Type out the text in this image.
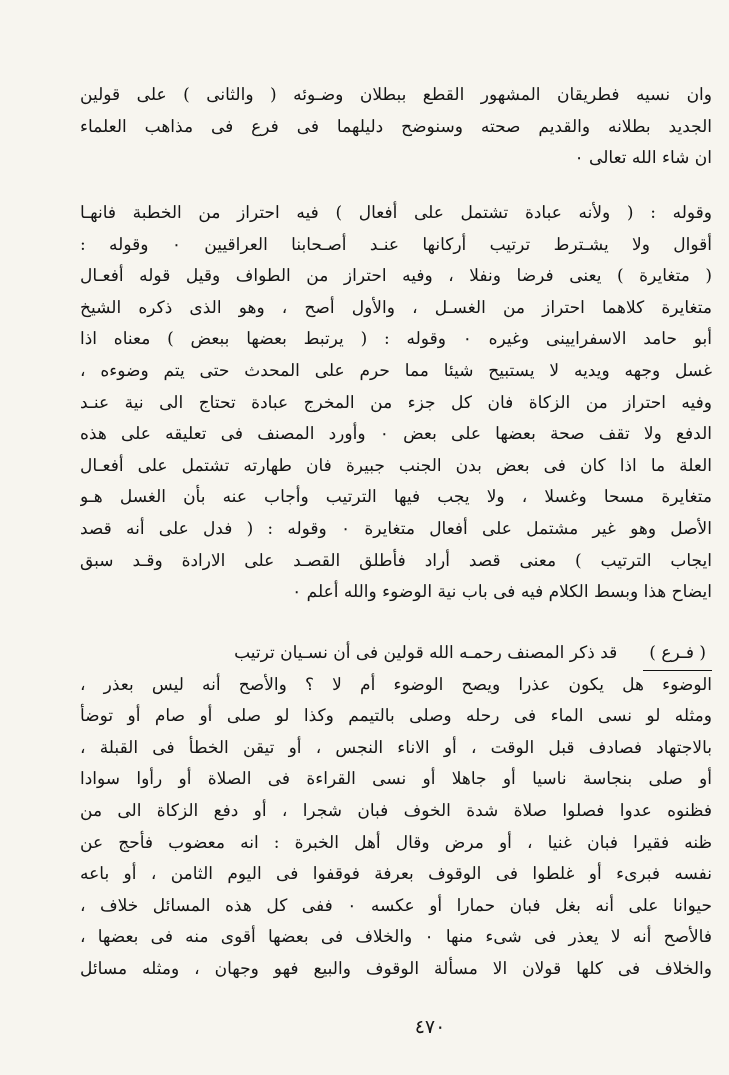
وان نسيه فطريقان المشهور القطع ببطلان وضـوئه ( والثانى ) على قولين
الجديد بطلانه والقديم صحته وسنوضح دليلهما فى فرع فى مذاهب العلماء
ان شاء الله تعالى ٠
وقوله : ( ولأنه عبادة تشتمل على أفعال ) فيه احتراز من الخطبة فانهـا
أقوال ولا يشـترط ترتيب أركانها عنـد أصـحابنا العراقيين ٠ وقوله :
( متغايرة ) يعنى فرضا ونفلا ، وفيه احتراز من الطواف وقيل قوله أفعـال
متغايرة كلاهما احتراز من الغسـل ، والأول أصح ، وهو الذى ذكره الشيخ
أبو حامد الاسفرايينى وغيره ٠ وقوله : ( يرتبط بعضها ببعض ) معناه اذا
غسل وجهه ويديه لا يستبيح شيئا مما حرم على المحدث حتى يتم وضوءه ،
وفيه احتراز من الزكاة فان كل جزء من المخرج عبادة تحتاج الى نية عنـد
الدفع ولا تقف صحة بعضها على بعض ٠ وأورد المصنف فى تعليقه على هذه
العلة ما اذا كان فى بعض بدن الجنب جبيرة فان طهارته تشتمل على أفعـال
متغايرة مسحا وغسلا ، ولا يجب فيها الترتيب وأجاب عنه بأن الغسل هـو
الأصل وهو غير مشتمل على أفعال متغايرة ٠ وقوله : ( فدل على أنه قصد
ايجاب الترتيب ) معنى قصد أراد فأطلق القصـد على الارادة وقـد سبق
ايضاح هذا وبسط الكلام فيه فى باب نية الوضوء والله أعلم ٠
( فـرع )قد ذكر المصنف رحمـه الله قولين فى أن نسـيان ترتيب
الوضوء هل يكون عذرا ويصح الوضوء أم لا ؟ والأصح أنه ليس بعذر ،
ومثله لو نسى الماء فى رحله وصلى بالتيمم وكذا لو صلى أو صام أو توضأ
بالاجتهاد فصادف قبل الوقت ، أو الاناء النجس ، أو تيقن الخطأ فى القبلة ،
أو صلى بنجاسة ناسيا أو جاهلا أو نسى القراءة فى الصلاة أو رأوا سوادا
فظنوه عدوا فصلوا صلاة شدة الخوف فبان شجرا ، أو دفع الزكاة الى من
ظنه فقيرا فبان غنيا ، أو مرض وقال أهل الخبرة : انه معضوب فأحج عن
نفسه فبرىء أو غلطوا فى الوقوف بعرفة فوقفوا فى اليوم الثامن ، أو باعه
حيوانا على أنه بغل فبان حمارا أو عكسه ٠ ففى كل هذه المسائل خلاف ،
فالأصح أنه لا يعذر فى شىء منها ٠ والخلاف فى بعضها أقوى منه فى بعضها ،
والخلاف فى كلها قولان الا مسألة الوقوف والبيع فهو وجهان ، ومثله مسائل
٤٧٠
